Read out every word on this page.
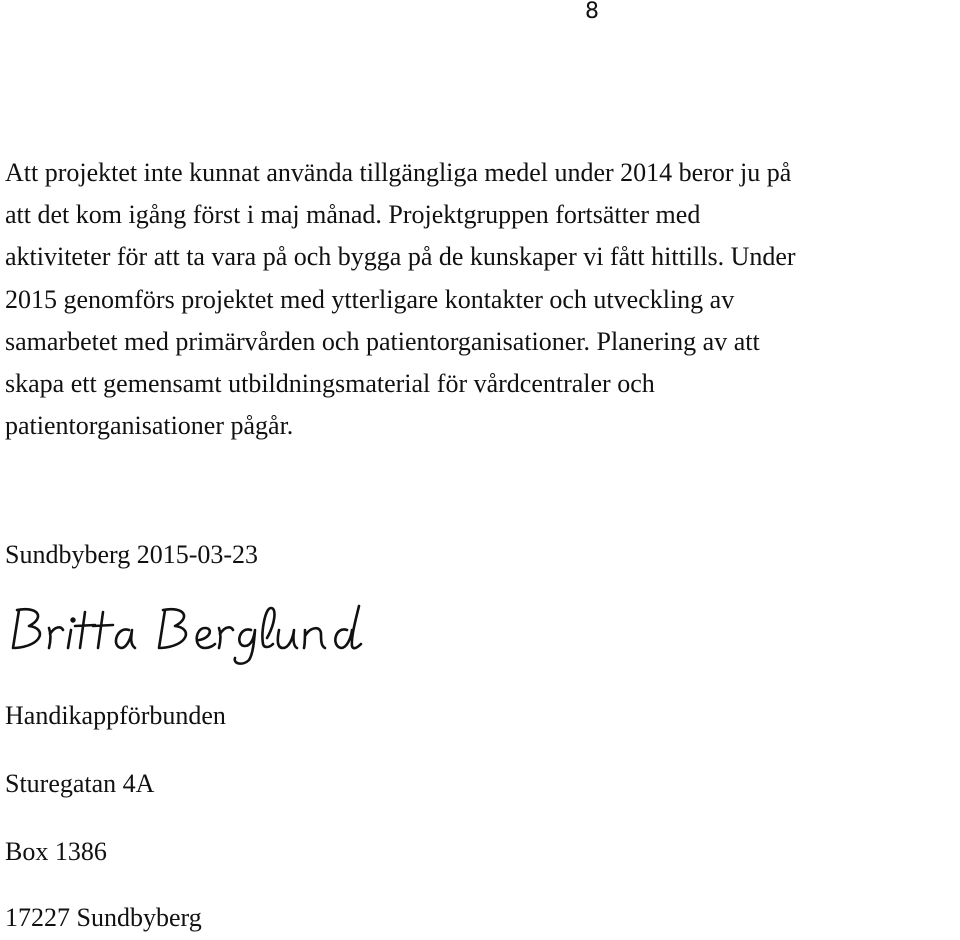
8

Att projektet inte kunnat använda tillgängliga medel under 2014 beror ju på
att det kom igång först i maj månad. Projektgruppen fortsätter med
aktiviteter för att ta vara på och bygga på de kunskaper vi fått hittills. Under
2015 genomförs projektet med ytterligare kontakter och utveckling av
samarbetet med primärvården och patientorganisationer. Planering av att
skapa ett gemensamt utbildningsmaterial för vårdcentraler och
patientorganisationer pågår.

Sundbyberg 2015-03-23
Handikappförbunden
Sturegatan 4A
Box 1386
17227 Sundbyberg
